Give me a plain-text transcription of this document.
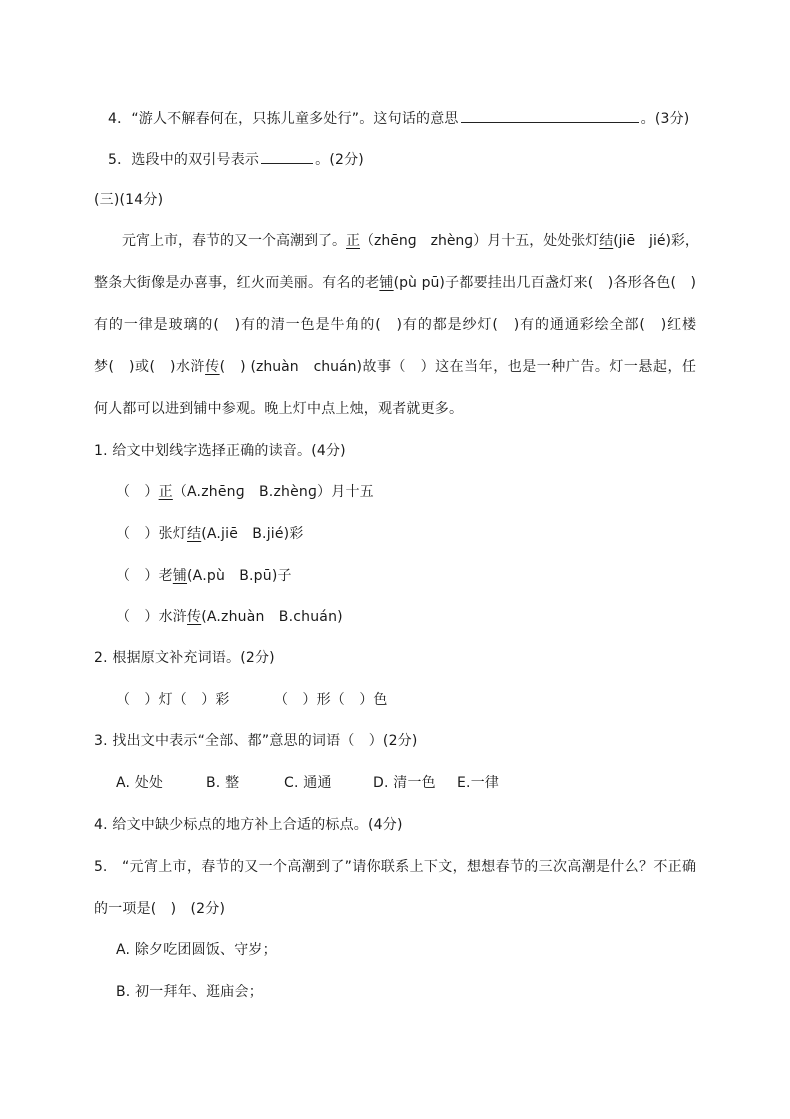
4．“游人不解春何在，只拣儿童多处行”。这句话的意思	。(3分)
5．选段中的双引号表示	。(2分)
(三)(14分)
元宵上市，春节的又一个高潮到了。正（zhēnɡ　zhènɡ）月十五，处处张灯结(jiē　jié)彩，
整条大街像是办喜事，红火而美丽。有名的老铺(pù pū)子都要挂出几百盏灯来(　)各形各色(　)
有的一律是玻璃的(　)有的清一色是牛角的(　)有的都是纱灯(　)有的通通彩绘全部(　)红楼
梦(　)或(　)水浒传(　) (zhuàn　chuán)故事（　）这在当年，也是一种广告。灯一悬起，任
何人都可以进到铺中参观。晚上灯中点上烛，观者就更多。
1. 给文中划线字选择正确的读音。(4分)
（　）正（A.zhēnɡ　B.zhènɡ）月十五
（　）张灯结(A.jiē　B.jié)彩
（　）老铺(A.pù　B.pū)子
（　）水浒传(A.zhuàn　B.chuán)
2. 根据原文补充词语。(2分)
（　）灯（　）彩	（　）形（　）色
3. 找出文中表示“全部、都”意思的词语（　）(2分)
A. 处处	B. 整	C. 通通	D. 清一色 E.一律
4. 给文中缺少标点的地方补上合适的标点。(4分)
5.　“元宵上市，春节的又一个高潮到了”请你联系上下文，想想春节的三次高潮是什么？不正确
的一项是(　)　(2分)
A. 除夕吃团圆饭、守岁；
B. 初一拜年、逛庙会；
